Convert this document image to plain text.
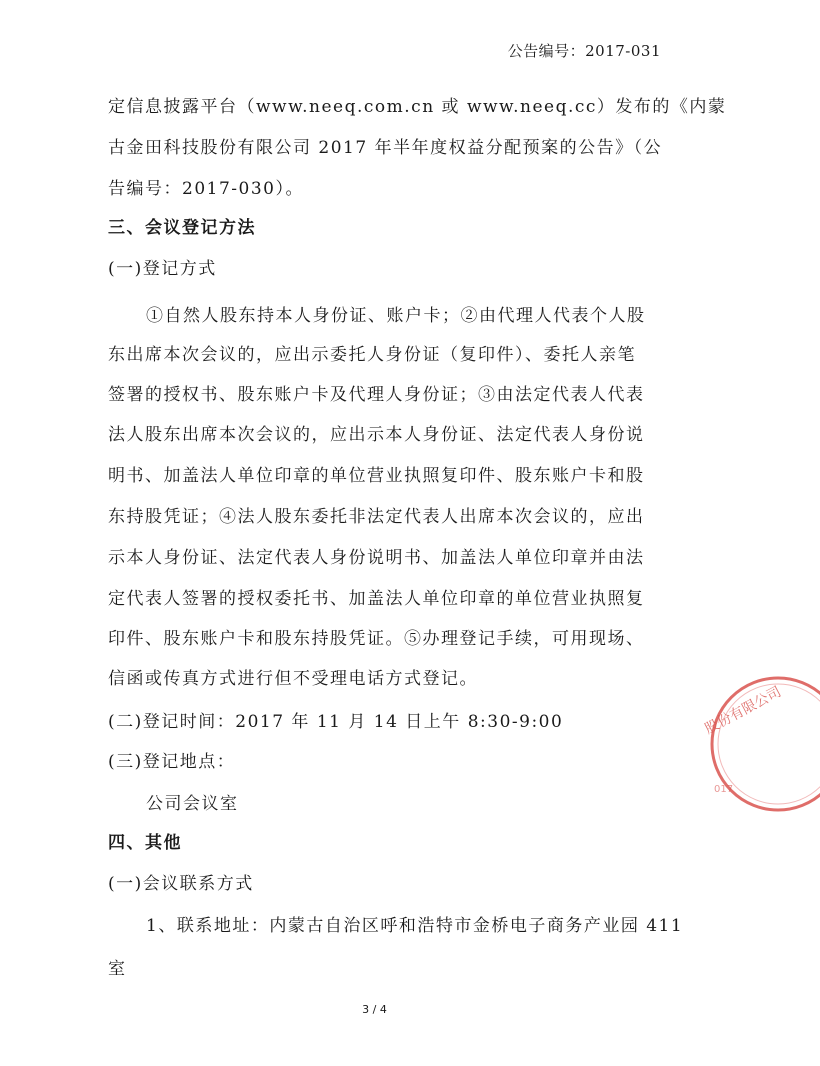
公告编号：2017-031
定信息披露平台（www.neeq.com.cn 或 www.neeq.cc）发布的《内蒙
古金田科技股份有限公司 2017 年半年度权益分配预案的公告》（公
告编号：2017-030）。
三、会议登记方法
(一)登记方式
①自然人股东持本人身份证、账户卡；②由代理人代表个人股
东出席本次会议的，应出示委托人身份证（复印件）、委托人亲笔
签署的授权书、股东账户卡及代理人身份证；③由法定代表人代表
法人股东出席本次会议的，应出示本人身份证、法定代表人身份说
明书、加盖法人单位印章的单位营业执照复印件、股东账户卡和股
东持股凭证；④法人股东委托非法定代表人出席本次会议的，应出
示本人身份证、法定代表人身份说明书、加盖法人单位印章并由法
定代表人签署的授权委托书、加盖法人单位印章的单位营业执照复
印件、股东账户卡和股东持股凭证。⑤办理登记手续，可用现场、
信函或传真方式进行但不受理电话方式登记。
(二)登记时间：2017 年 11 月 14 日上午 8:30-9:00
(三)登记地点：
公司会议室
四、其他
(一)会议联系方式
1、联系地址：内蒙古自治区呼和浩特市金桥电子商务产业园 411
室
股份有限公司
017
3 / 4
